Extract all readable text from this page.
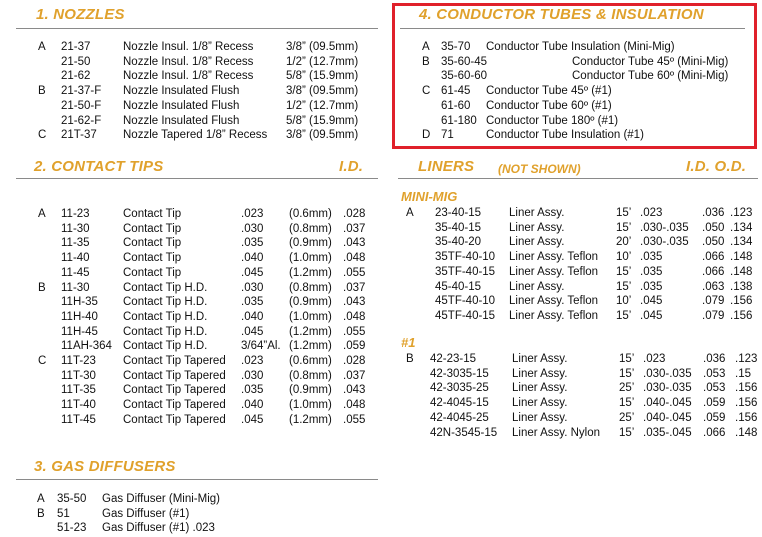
1. NOZZLES
A 21-37	Nozzle Insul. 1/8” Recess	3/8” (09.5mm)
21-50	Nozzle Insul. 1/8” Recess	1/2” (12.7mm)
21-62	Nozzle Insul. 1/8” Recess	5/8” (15.9mm)
B 21-37-F Nozzle Insulated Flush	3/8” (09.5mm)
21-50-F Nozzle Insulated Flush	1/2” (12.7mm)
21-62-F Nozzle Insulated Flush	5/8” (15.9mm)
C 21T-37 Nozzle Tapered 1/8” Recess 3/8” (09.5mm)
2. CONTACT TIPS	I.D.
A 11-23	Contact Tip	.023 (0.6mm) .028
11-30	Contact Tip	.030 (0.8mm) .037
11-35	Contact Tip	.035 (0.9mm) .043
11-40	Contact Tip	.040 (1.0mm) .048
11-45	Contact Tip	.045 (1.2mm) .055
B 11-30	Contact Tip H.D.	.030 (0.8mm) .037
11H-35 Contact Tip H.D.	.035 (0.9mm) .043
11H-40 Contact Tip H.D.	.040 (1.0mm) .048
11H-45 Contact Tip H.D.	.045 (1.2mm) .055
11AH-364 Contact Tip H.D.	3/64”Al. (1.2mm) .059
C 11T-23 Contact Tip Tapered .023 (0.6mm) .028
11T-30 Contact Tip Tapered .030 (0.8mm) .037
11T-35 Contact Tip Tapered .035 (0.9mm) .043
11T-40 Contact Tip Tapered .040 (1.0mm) .048
11T-45 Contact Tip Tapered .045 (1.2mm) .055
3. GAS DIFFUSERS
A 35-50 Gas Diffuser (Mini-Mig)
B 51	Gas Diffuser (#1)
51-23 Gas Diffuser (#1) .023
4. CONDUCTOR TUBES & INSULATION
A 35-70 Conductor Tube Insulation (Mini-Mig)
B 35-60-45	Conductor Tube 45º (Mini-Mig)
35-60-60	Conductor Tube 60º (Mini-Mig)
C 61-45 Conductor Tube 45º (#1)
61-60 Conductor Tube 60º (#1)
61-180 Conductor Tube 180º (#1)
D 71	Conductor Tube Insulation (#1)
LINERS (NOT SHOWN)	I.D. O.D.
MINI-MIG
A 23-40-15 Liner Assy.	15’ .023	.036 .123
35-40-15 Liner Assy.	15’ .030-.035 .050 .134
35-40-20 Liner Assy.	20’ .030-.035 .050 .134
35TF-40-10 Liner Assy. Teflon 10’ .035	.066 .148
35TF-40-15 Liner Assy. Teflon 15’ .035	.066 .148
45-40-15 Liner Assy.	15’ .035	.063 .138
45TF-40-10 Liner Assy. Teflon 10’ .045	.079 .156
45TF-40-15 Liner Assy. Teflon 15’ .045	.079 .156
#1
B 42-23-15	Liner Assy.	15’ .023	.036 .123
42-3035-15 Liner Assy.	15’ .030-.035 .053 .15
42-3035-25 Liner Assy.	25’ .030-.035 .053 .156
42-4045-15 Liner Assy.	15’ .040-.045 .059 .156
42-4045-25 Liner Assy.	25’ .040-.045 .059 .156
42N-3545-15 Liner Assy. Nylon 15’ .035-.045 .066 .148
